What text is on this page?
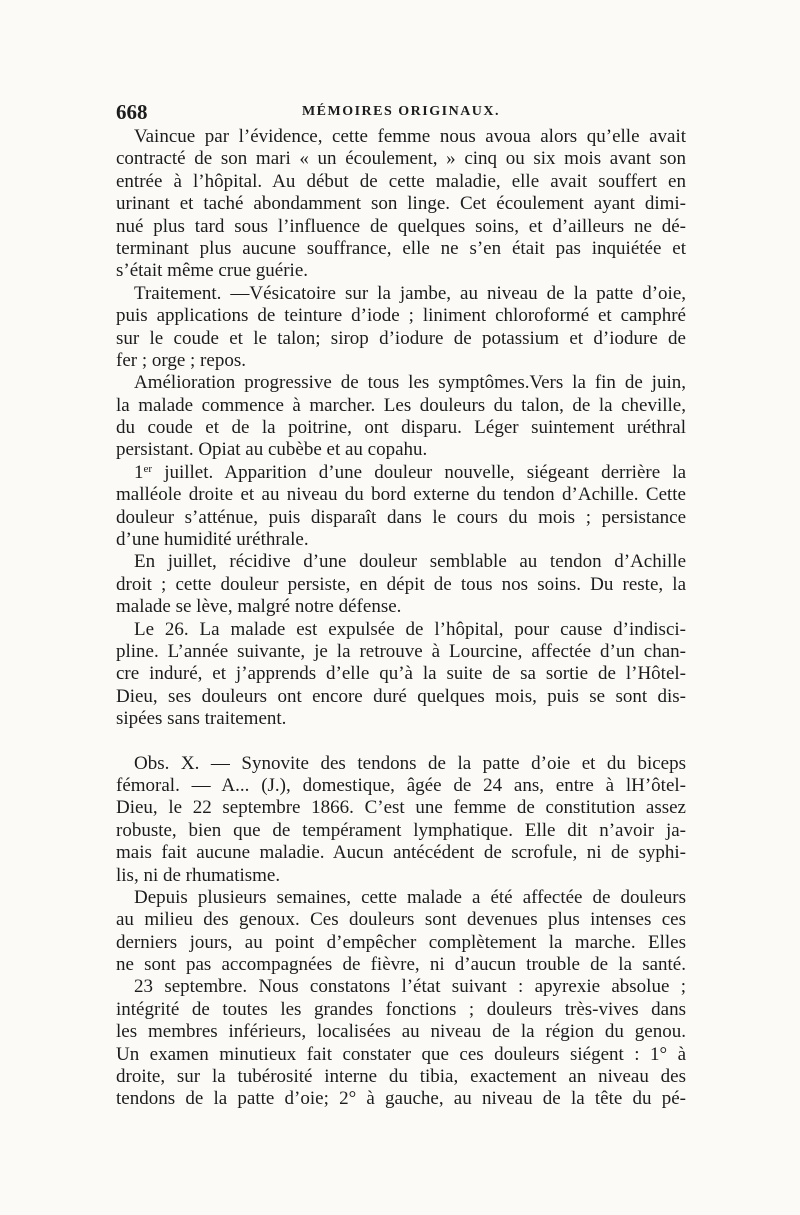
668	MÉMOIRES ORIGINAUX.
Vaincue par l’évidence, cette femme nous avoua alors qu’elle avait
contracté de son mari « un écoulement, » cinq ou six mois avant son
entrée à l’hôpital. Au début de cette maladie, elle avait souffert en
urinant et taché abondamment son linge. Cet écoulement ayant dimi-
nué plus tard sous l’influence de quelques soins, et d’ailleurs ne dé-
terminant plus aucune souffrance, elle ne s’en était pas inquiétée et
s’était même crue guérie.
Traitement. —Vésicatoire sur la jambe, au niveau de la patte d’oie,
puis applications de teinture d’iode ; liniment chloroformé et camphré
sur le coude et le talon; sirop d’iodure de potassium et d’iodure de
fer ; orge ; repos.
Amélioration progressive de tous les symptômes.Vers la fin de juin,
la malade commence à marcher. Les douleurs du talon, de la cheville,
du coude et de la poitrine, ont disparu. Léger suintement uréthral
persistant. Opiat au cubèbe et au copahu.
1er juillet. Apparition d’une douleur nouvelle, siégeant derrière la
malléole droite et au niveau du bord externe du tendon d’Achille. Cette
douleur s’atténue, puis disparaît dans le cours du mois ; persistance
d’une humidité uréthrale.
En juillet, récidive d’une douleur semblable au tendon d’Achille
droit ; cette douleur persiste, en dépit de tous nos soins. Du reste, la
malade se lève, malgré notre défense.
Le 26. La malade est expulsée de l’hôpital, pour cause d’indisci-
pline. L’année suivante, je la retrouve à Lourcine, affectée d’un chan-
cre induré, et j’apprends d’elle qu’à la suite de sa sortie de l’Hôtel-
Dieu, ses douleurs ont encore duré quelques mois, puis se sont dis-
sipées sans traitement.
Obs. X. — Synovite des tendons de la patte d’oie et du biceps
fémoral. — A... (J.), domestique, âgée de 24 ans, entre à lH’ôtel-
Dieu, le 22 septembre 1866. C’est une femme de constitution assez
robuste, bien que de tempérament lymphatique. Elle dit n’avoir ja-
mais fait aucune maladie. Aucun antécédent de scrofule, ni de syphi-
lis, ni de rhumatisme.
Depuis plusieurs semaines, cette malade a été affectée de douleurs
au milieu des genoux. Ces douleurs sont devenues plus intenses ces
derniers jours, au point d’empêcher complètement la marche. Elles
ne sont pas accompagnées de fièvre, ni d’aucun trouble de la santé.
23 septembre. Nous constatons l’état suivant : apyrexie absolue ;
intégrité de toutes les grandes fonctions ; douleurs très-vives dans
les membres inférieurs, localisées au niveau de la région du genou.
Un examen minutieux fait constater que ces douleurs siégent : 1° à
droite, sur la tubérosité interne du tibia, exactement an niveau des
tendons de la patte d’oie; 2° à gauche, au niveau de la tête du pé-
